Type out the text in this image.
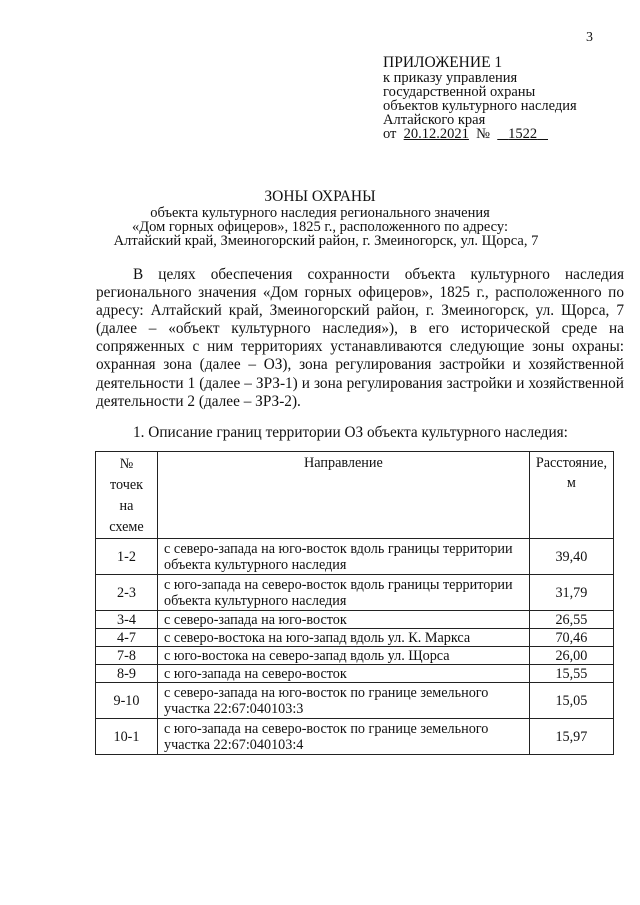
3
ПРИЛОЖЕНИЕ 1
к приказу управления
государственной охраны
объектов культурного наследия
Алтайского края
от 20.12.2021 № 1522
ЗОНЫ ОХРАНЫ
объекта культурного наследия регионального значения
«Дом горных офицеров», 1825 г., расположенного по адресу:
Алтайский край, Змеиногорский район, г. Змеиногорск, ул. Щорса, 7

В целях обеспечения сохранности объекта культурного наследия регионального значения «Дом горных офицеров», 1825 г., расположенного по адресу: Алтайский край, Змеиногорский район, г. Змеиногорск, ул. Щорса, 7 (далее – «объект культурного наследия»), в его исторической среде на сопряженных с ним территориях устанавливаются следующие зоны охраны: охранная зона (далее – ОЗ), зона регулирования застройки и хозяйственной деятельности 1 (далее – ЗРЗ-1) и зона регулирования застройки и хозяйственной деятельности 2 (далее – ЗРЗ-2).

1. Описание границ территории ОЗ объекта культурного наследия:
№ точек на схеме	Направление	Расстояние, м
1-2	с северо-запада на юго-восток вдоль границы территории объекта культурного наследия	39,40
2-3	с юго-запада на северо-восток вдоль границы территории объекта культурного наследия	31,79
3-4	с северо-запада на юго-восток	26,55
4-7	с северо-востока на юго-запад вдоль ул. К. Маркса	70,46
7-8	с юго-востока на северо-запад вдоль ул. Щорса	26,00
8-9	с юго-запада на северо-восток	15,55
9-10	с северо-запада на юго-восток по границе земельного участка 22:67:040103:3	15,05
10-1	с юго-запада на северо-восток по границе земельного участка 22:67:040103:4	15,97
